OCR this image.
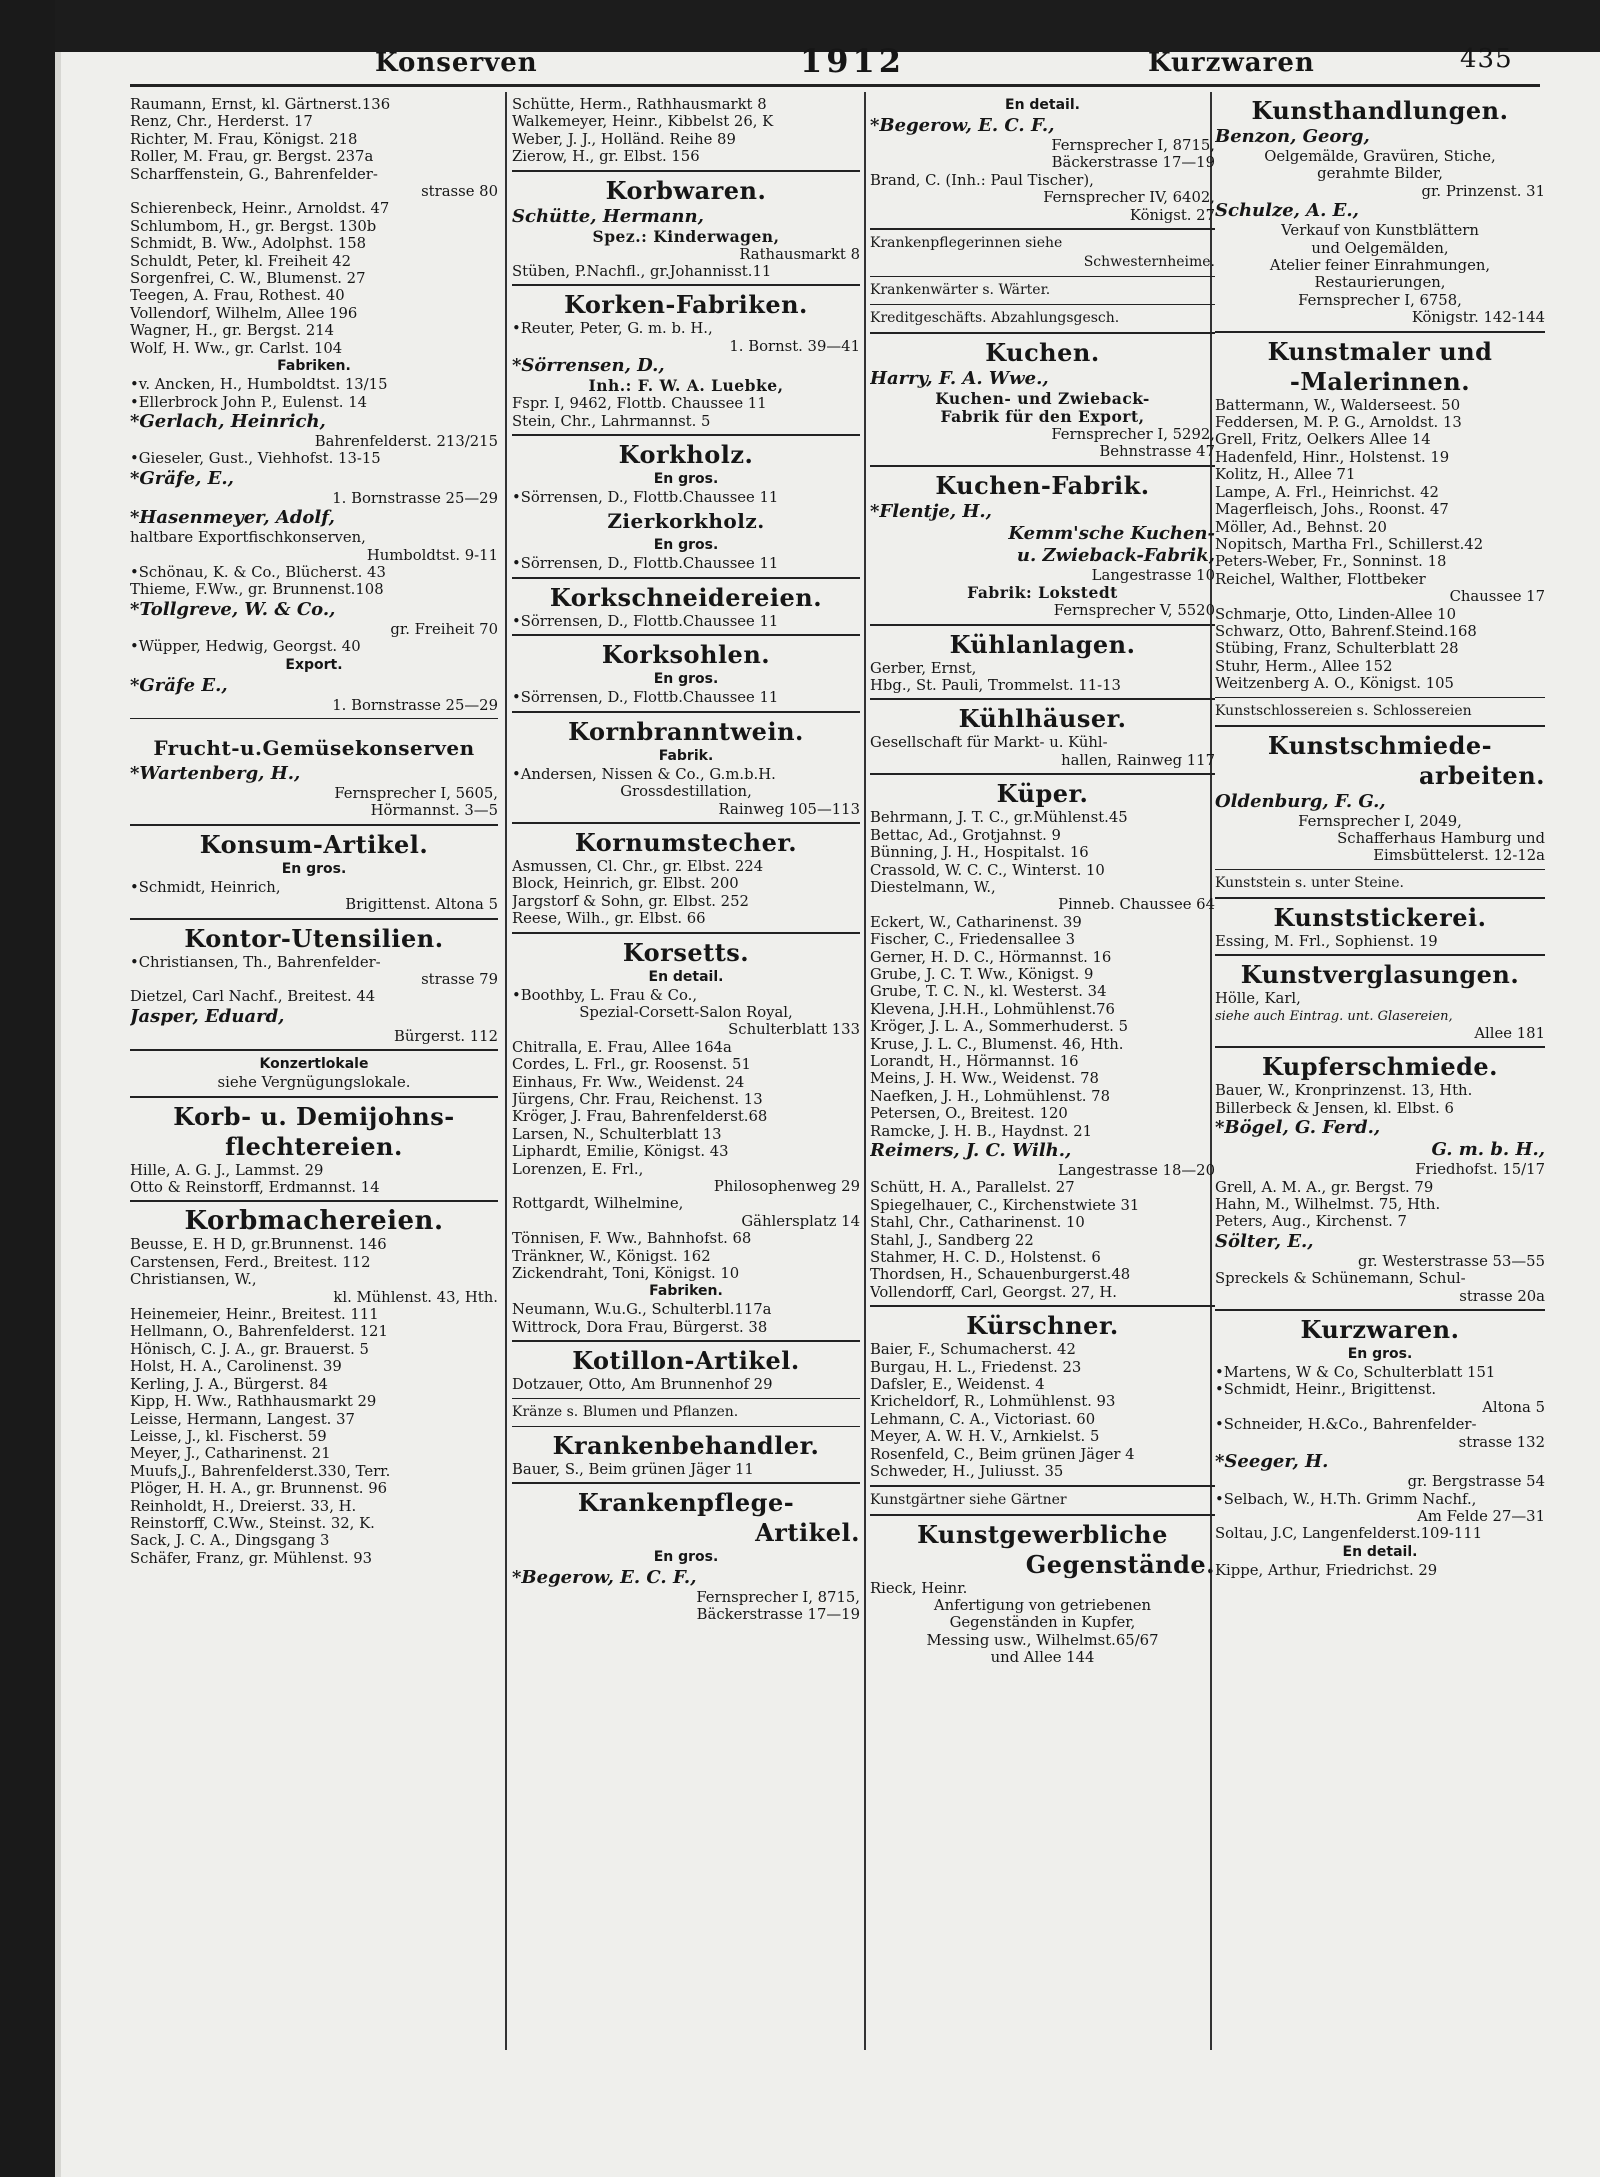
Konserven	1912	Kurzwaren	435
Raumann, Ernst, kl. Gärtnerst.136
Renz, Chr., Herderst. 17
Richter, M. Frau, Königst. 218
Roller, M. Frau, gr. Bergst. 237a
Scharffenstein, G., Bahrenfelder-
strasse 80
Schierenbeck, Heinr., Arnoldst. 47
Schlumbom, H., gr. Bergst. 130b
Schmidt, B. Ww., Adolphst. 158
Schuldt, Peter, kl. Freiheit 42
Sorgenfrei, C. W., Blumenst. 27
Teegen, A. Frau, Rothest. 40
Vollendorf, Wilhelm, Allee 196
Wagner, H., gr. Bergst. 214
Wolf, H. Ww., gr. Carlst. 104
Fabriken.
•v. Ancken, H., Humboldtst. 13/15
•Ellerbrock John P., Eulenst. 14
*Gerlach, Heinrich,
Bahrenfelderst. 213/215
•Gieseler, Gust., Viehhofst. 13-15
*Gräfe, E.,
1. Bornstrasse 25—29
*Hasenmeyer, Adolf,
haltbare Exportfischkonserven,
Humboldtst. 9-11
•Schönau, K. & Co., Blücherst. 43
Thieme, F.Ww., gr. Brunnenst.108
*Tollgreve, W. & Co.,
gr. Freiheit 70
•Wüpper, Hedwig, Georgst. 40
Export.
*Gräfe E.,
1. Bornstrasse 25—29
Frucht-u.Gemüsekonserven
*Wartenberg, H.,
Fernsprecher I, 5605,
Hörmannst. 3—5
Konsum-Artikel.
En gros.
•Schmidt, Heinrich,
Brigittenst. Altona 5
Kontor-Utensilien.
•Christiansen, Th., Bahrenfelder-
strasse 79
Dietzel, Carl Nachf., Breitest. 44
Jasper, Eduard,
Bürgerst. 112
Konzertlokale
siehe Vergnügungslokale.
Korb- u. Demijohns-
flechtereien.
Hille, A. G. J., Lammst. 29
Otto & Reinstorff, Erdmannst. 14
Korbmachereien.
Beusse, E. H D, gr.Brunnenst. 146
Carstensen, Ferd., Breitest. 112
Christiansen, W.,
kl. Mühlenst. 43, Hth.
Heinemeier, Heinr., Breitest. 111
Hellmann, O., Bahrenfelderst. 121
Hönisch, C. J. A., gr. Brauerst. 5
Holst, H. A., Carolinenst. 39
Kerling, J. A., Bürgerst. 84
Kipp, H. Ww., Rathhausmarkt 29
Leisse, Hermann, Langest. 37
Leisse, J., kl. Fischerst. 59
Meyer, J., Catharinenst. 21
Muufs,J., Bahrenfelderst.330, Terr.
Plöger, H. H. A., gr. Brunnenst. 96
Reinholdt, H., Dreierst. 33, H.
Reinstorff, C.Ww., Steinst. 32, K.
Sack, J. C. A., Dingsgang 3
Schäfer, Franz, gr. Mühlenst. 93
Schütte, Herm., Rathhausmarkt 8
Walkemeyer, Heinr., Kibbelst 26, K
Weber, J. J., Holländ. Reihe 89
Zierow, H., gr. Elbst. 156
Korbwaren.
Schütte, Hermann,
Spez.: Kinderwagen,
Rathausmarkt 8
Stüben, P.Nachfl., gr.Johannisst.11
Korken-Fabriken.
•Reuter, Peter, G. m. b. H.,
1. Bornst. 39—41
*Sörrensen, D.,
Inh.: F. W. A. Luebke,
Fspr. I, 9462, Flottb. Chaussee 11
Stein, Chr., Lahrmannst. 5
Korkholz.
En gros.
•Sörrensen, D., Flottb.Chaussee 11
Zierkorkholz.
En gros.
•Sörrensen, D., Flottb.Chaussee 11
Korkschneidereien.
•Sörrensen, D., Flottb.Chaussee 11
Korksohlen.
En gros.
•Sörrensen, D., Flottb.Chaussee 11
Kornbranntwein.
Fabrik.
•Andersen, Nissen & Co., G.m.b.H.
Grossdestillation,
Rainweg 105—113
Kornumstecher.
Asmussen, Cl. Chr., gr. Elbst. 224
Block, Heinrich, gr. Elbst. 200
Jargstorf & Sohn, gr. Elbst. 252
Reese, Wilh., gr. Elbst. 66
Korsetts.
En detail.
•Boothby, L. Frau & Co.,
Spezial-Corsett-Salon Royal,
Schulterblatt 133
Chitralla, E. Frau, Allee 164a
Cordes, L. Frl., gr. Roosenst. 51
Einhaus, Fr. Ww., Weidenst. 24
Jürgens, Chr. Frau, Reichenst. 13
Kröger, J. Frau, Bahrenfelderst.68
Larsen, N., Schulterblatt 13
Liphardt, Emilie, Königst. 43
Lorenzen, E. Frl.,
Philosophenweg 29
Rottgardt, Wilhelmine,
Gählersplatz 14
Tönnisen, F. Ww., Bahnhofst. 68
Tränkner, W., Königst. 162
Zickendraht, Toni, Königst. 10
Fabriken.
Neumann, W.u.G., Schulterbl.117a
Wittrock, Dora Frau, Bürgerst. 38
Kotillon-Artikel.
Dotzauer, Otto, Am Brunnenhof 29
Kränze s. Blumen und Pflanzen.
Krankenbehandler.
Bauer, S., Beim grünen Jäger 11
Krankenpflege-
Artikel.
En gros.
*Begerow, E. C. F.,
Fernsprecher I, 8715,
Bäckerstrasse 17—19
En detail.
*Begerow, E. C. F.,
Fernsprecher I, 8715,
Bäckerstrasse 17—19
Brand, C. (Inh.: Paul Tischer),
Fernsprecher IV, 6402,
Königst. 27
Krankenpflegerinnen siehe
Schwesternheime.
Krankenwärter s. Wärter.
Kreditgeschäfts. Abzahlungsgesch.
Kuchen.
Harry, F. A. Wwe.,
Kuchen- und Zwieback-
Fabrik für den Export,
Fernsprecher I, 5292,
Behnstrasse 47
Kuchen-Fabrik.
*Flentje, H.,
Kemm'sche Kuchen-
u. Zwieback-Fabrik,
Langestrasse 10
Fabrik: Lokstedt
Fernsprecher V, 5520
Kühlanlagen.
Gerber, Ernst,
Hbg., St. Pauli, Trommelst. 11-13
Kühlhäuser.
Gesellschaft für Markt- u. Kühl-
hallen, Rainweg 117
Küper.
Behrmann, J. T. C., gr.Mühlenst.45
Bettac, Ad., Grotjahnst. 9
Bünning, J. H., Hospitalst. 16
Crassold, W. C. C., Winterst. 10
Diestelmann, W.,
Pinneb. Chaussee 64
Eckert, W., Catharinenst. 39
Fischer, C., Friedensallee 3
Gerner, H. D. C., Hörmannst. 16
Grube, J. C. T. Ww., Königst. 9
Grube, T. C. N., kl. Westerst. 34
Klevena, J.H.H., Lohmühlenst.76
Kröger, J. L. A., Sommerhuderst. 5
Kruse, J. L. C., Blumenst. 46, Hth.
Lorandt, H., Hörmannst. 16
Meins, J. H. Ww., Weidenst. 78
Naefken, J. H., Lohmühlenst. 78
Petersen, O., Breitest. 120
Ramcke, J. H. B., Haydnst. 21
Reimers, J. C. Wilh.,
Langestrasse 18—20
Schütt, H. A., Parallelst. 27
Spiegelhauer, C., Kirchenstwiete 31
Stahl, Chr., Catharinenst. 10
Stahl, J., Sandberg 22
Stahmer, H. C. D., Holstenst. 6
Thordsen, H., Schauenburgerst.48
Vollendorff, Carl, Georgst. 27, H.
Kürschner.
Baier, F., Schumacherst. 42
Burgau, H. L., Friedenst. 23
Dafsler, E., Weidenst. 4
Kricheldorf, R., Lohmühlenst. 93
Lehmann, C. A., Victoriast. 60
Meyer, A. W. H. V., Arnkielst. 5
Rosenfeld, C., Beim grünen Jäger 4
Schweder, H., Juliusst. 35
Kunstgärtner siehe Gärtner
Kunstgewerbliche
Gegenstände.
Rieck, Heinr.
Anfertigung von getriebenen
Gegenständen in Kupfer,
Messing usw., Wilhelmst.65/67
und Allee 144
Kunsthandlungen.
Benzon, Georg,
Oelgemälde, Gravüren, Stiche,
gerahmte Bilder,
gr. Prinzenst. 31
Schulze, A. E.,
Verkauf von Kunstblättern
und Oelgemälden,
Atelier feiner Einrahmungen,
Restaurierungen,
Fernsprecher I, 6758,
Königstr. 142-144
Kunstmaler und
-Malerinnen.
Battermann, W., Walderseest. 50
Feddersen, M. P. G., Arnoldst. 13
Grell, Fritz, Oelkers Allee 14
Hadenfeld, Hinr., Holstenst. 19
Kolitz, H., Allee 71
Lampe, A. Frl., Heinrichst. 42
Magerfleisch, Johs., Roonst. 47
Möller, Ad., Behnst. 20
Nopitsch, Martha Frl., Schillerst.42
Peters-Weber, Fr., Sonninst. 18
Reichel, Walther, Flottbeker
Chaussee 17
Schmarje, Otto, Linden-Allee 10
Schwarz, Otto, Bahrenf.Steind.168
Stübing, Franz, Schulterblatt 28
Stuhr, Herm., Allee 152
Weitzenberg A. O., Königst. 105
Kunstschlossereien s. Schlossereien
Kunstschmiede-
arbeiten.
Oldenburg, F. G.,
Fernsprecher I, 2049,
Schafferhaus Hamburg und
Eimsbüttelerst. 12-12a
Kunststein s. unter Steine.
Kunststickerei.
Essing, M. Frl., Sophienst. 19
Kunstverglasungen.
Hölle, Karl,
siehe auch Eintrag. unt. Glasereien,
Allee 181
Kupferschmiede.
Bauer, W., Kronprinzenst. 13, Hth.
Billerbeck & Jensen, kl. Elbst. 6
*Bögel, G. Ferd.,
G. m. b. H.,
Friedhofst. 15/17
Grell, A. M. A., gr. Bergst. 79
Hahn, M., Wilhelmst. 75, Hth.
Peters, Aug., Kirchenst. 7
Sölter, E.,
gr. Westerstrasse 53—55
Spreckels & Schünemann, Schul-
strasse 20a
Kurzwaren.
En gros.
•Martens, W & Co, Schulterblatt 151
•Schmidt, Heinr., Brigittenst.
Altona 5
•Schneider, H.&Co., Bahrenfelder-
strasse 132
*Seeger, H.
gr. Bergstrasse 54
•Selbach, W., H.Th. Grimm Nachf.,
Am Felde 27—31
Soltau, J.C, Langenfelderst.109-111
En detail.
Kippe, Arthur, Friedrichst. 29
